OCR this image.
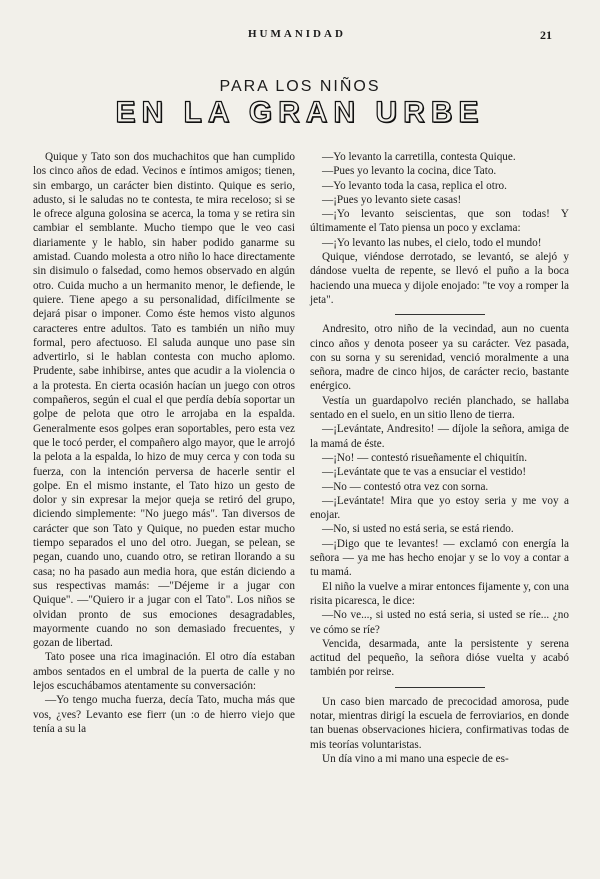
HUMANIDAD	21
PARA LOS NIÑOS
EN LA GRAN URBE

Quique y Tato son dos muchachitos que han cumplido los cinco años de edad. Vecinos e íntimos amigos; tienen, sin embargo, un carácter bien distinto. Quique es serio, adusto, si le saludas no te contesta, te mira receloso; si se le ofrece alguna golosina se acerca, la toma y se retira sin cambiar el semblante. Mucho tiempo que le veo casi diariamente y le hablo, sin haber podido ganarme su amistad. Cuando molesta a otro niño lo hace directamente sin disimulo o falsedad, como hemos observado en algún otro. Cuida mucho a un hermanito menor, le defiende, le quiere. Tiene apego a su personalidad, difícilmente se dejará pisar o imponer. Como éste hemos visto algunos caracteres entre adultos. Tato es también un niño muy formal, pero afectuoso. El saluda aunque uno pase sin advertirlo, si le hablan contesta con mucho aplomo. Prudente, sabe inhibirse, antes que acudir a la violencia o a la protesta. En cierta ocasión hacían un juego con otros compañeros, según el cual el que perdía debía soportar un golpe de pelota que otro le arrojaba en la espalda. Generalmente esos golpes eran soportables, pero esta vez que le tocó perder, el compañero algo mayor, que le arrojó la pelota a la espalda, lo hizo de muy cerca y con toda su fuerza, con la intención perversa de hacerle sentir el golpe. En el mismo instante, el Tato hizo un gesto de dolor y sin expresar la mejor queja se retiró del grupo, diciendo simplemente: "No juego más". Tan diversos de carácter que son Tato y Quique, no pueden estar mucho tiempo separados el uno del otro. Juegan, se pelean, se pegan, cuando uno, cuando otro, se retiran llorando a su casa; no ha pasado aun media hora, que están diciendo a sus respectivas mamás: —"Déjeme ir a jugar con Quique". —"Quiero ir a jugar con el Tato". Los niños se olvidan pronto de sus emociones desagradables, mayormente cuando no son demasiado frecuentes, y gozan de libertad.

Tato posee una rica imaginación. El otro día estaban ambos sentados en el umbral de la puerta de calle y no lejos escuchábamos atentamente su conversación:

—Yo tengo mucha fuerza, decía Tato, mucha más que vos, ¿ves? Levanto ese fierr (un :o de hierro viejo que tenía a su la

—Yo levanto la carretilla, contesta Quique.

—Pues yo levanto la cocina, dice Tato.

—Yo levanto toda la casa, replica el otro.

—¡Pues yo levanto siete casas!

—¡Yo levanto seiscientas, que son todas! Y últimamente el Tato piensa un poco y exclama:

—¡Yo levanto las nubes, el cielo, todo el mundo!

Quique, viéndose derrotado, se levantó, se alejó y dándose vuelta de repente, se llevó el puño a la boca haciendo una mueca y dijole enojado: "te voy a romper la jeta".

Andresito, otro niño de la vecindad, aun no cuenta cinco años y denota poseer ya su carácter. Vez pasada, con su sorna y su serenidad, venció moralmente a una señora, madre de cinco hijos, de carácter recio, bastante enérgico.

Vestía un guardapolvo recién planchado, se hallaba sentado en el suelo, en un sitio lleno de tierra.

—¡Levántate, Andresito! — díjole la señora, amiga de la mamá de éste.

—¡No! — contestó risueñamente el chiquitín.

—¡Levántate que te vas a ensuciar el vestido!

—No — contestó otra vez con sorna.

—¡Levántate! Mira que yo estoy seria y me voy a enojar.

—No, si usted no está seria, se está riendo.

—¡Digo que te levantes! — exclamó con energía la señora — ya me has hecho enojar y se lo voy a contar a tu mamá.

El niño la vuelve a mirar entonces fijamente y, con una risita picaresca, le dice:

—No ve..., si usted no está seria, si usted se ríe... ¿no ve cómo se ríe?

Vencida, desarmada, ante la persistente y serena actitud del pequeño, la señora dióse vuelta y acabó también por reirse.

Un caso bien marcado de precocidad amorosa, pude notar, mientras dirigí la escuela de ferroviarios, en donde tan buenas observaciones hiciera, confirmativas todas de mis teorías voluntaristas.

Un día vino a mi mano una especie de es-
